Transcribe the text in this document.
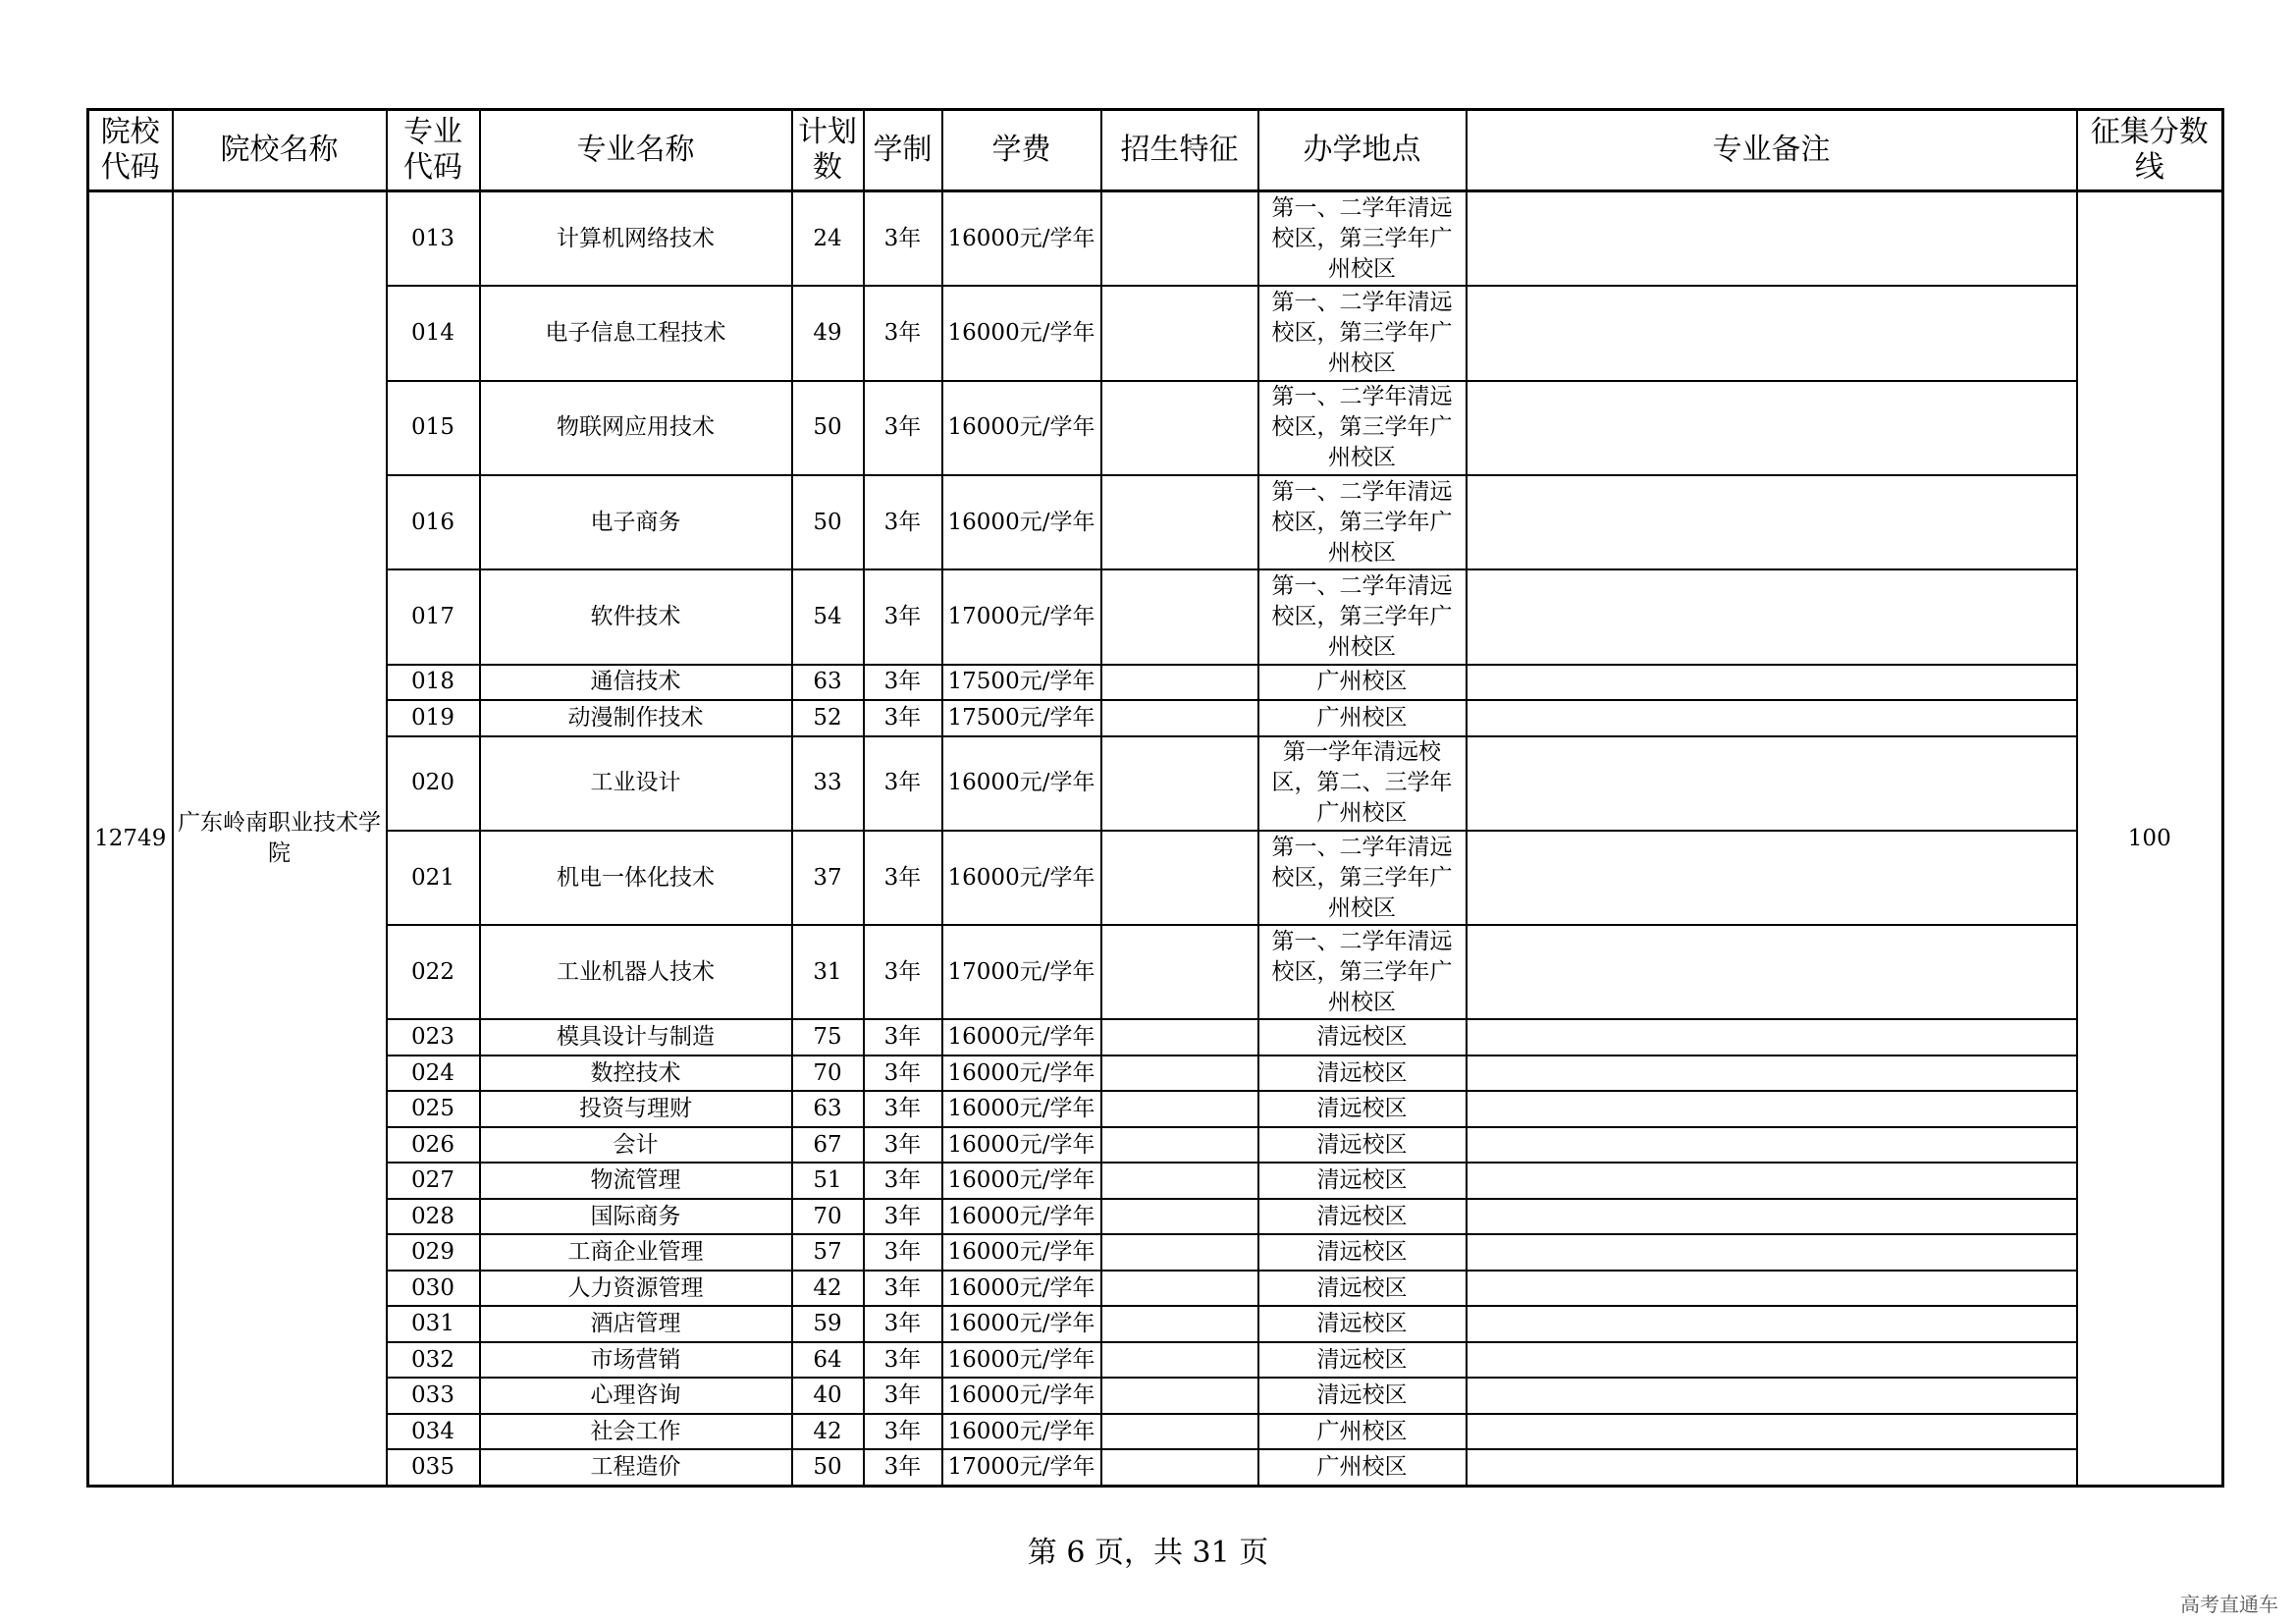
院校代码	院校名称	专业代码	专业名称	计划数	学制	学费	招生特征	办学地点	专业备注	征集分数线
12749	广东岭南职业技术学院	013	计算机网络技术	24	3年	16000元/学年		第一、二学年清远校区，第三学年广州校区		100
		014	电子信息工程技术	49	3年	16000元/学年		第一、二学年清远校区，第三学年广州校区		
		015	物联网应用技术	50	3年	16000元/学年		第一、二学年清远校区，第三学年广州校区		
		016	电子商务	50	3年	16000元/学年		第一、二学年清远校区，第三学年广州校区		
		017	软件技术	54	3年	17000元/学年		第一、二学年清远校区，第三学年广州校区		
		018	通信技术	63	3年	17500元/学年		广州校区		
		019	动漫制作技术	52	3年	17500元/学年		广州校区		
		020	工业设计	33	3年	16000元/学年		第一学年清远校区，第二、三学年广州校区		
		021	机电一体化技术	37	3年	16000元/学年		第一、二学年清远校区，第三学年广州校区		
		022	工业机器人技术	31	3年	17000元/学年		第一、二学年清远校区，第三学年广州校区		
		023	模具设计与制造	75	3年	16000元/学年		清远校区		
		024	数控技术	70	3年	16000元/学年		清远校区		
		025	投资与理财	63	3年	16000元/学年		清远校区		
		026	会计	67	3年	16000元/学年		清远校区		
		027	物流管理	51	3年	16000元/学年		清远校区		
		028	国际商务	70	3年	16000元/学年		清远校区		
		029	工商企业管理	57	3年	16000元/学年		清远校区		
		030	人力资源管理	42	3年	16000元/学年		清远校区		
		031	酒店管理	59	3年	16000元/学年		清远校区		
		032	市场营销	64	3年	16000元/学年		清远校区		
		033	心理咨询	40	3年	16000元/学年		清远校区		
		034	社会工作	42	3年	16000元/学年		广州校区		
		035	工程造价	50	3年	17000元/学年		广州校区		
第 6 页，共 31 页
高考直通车
